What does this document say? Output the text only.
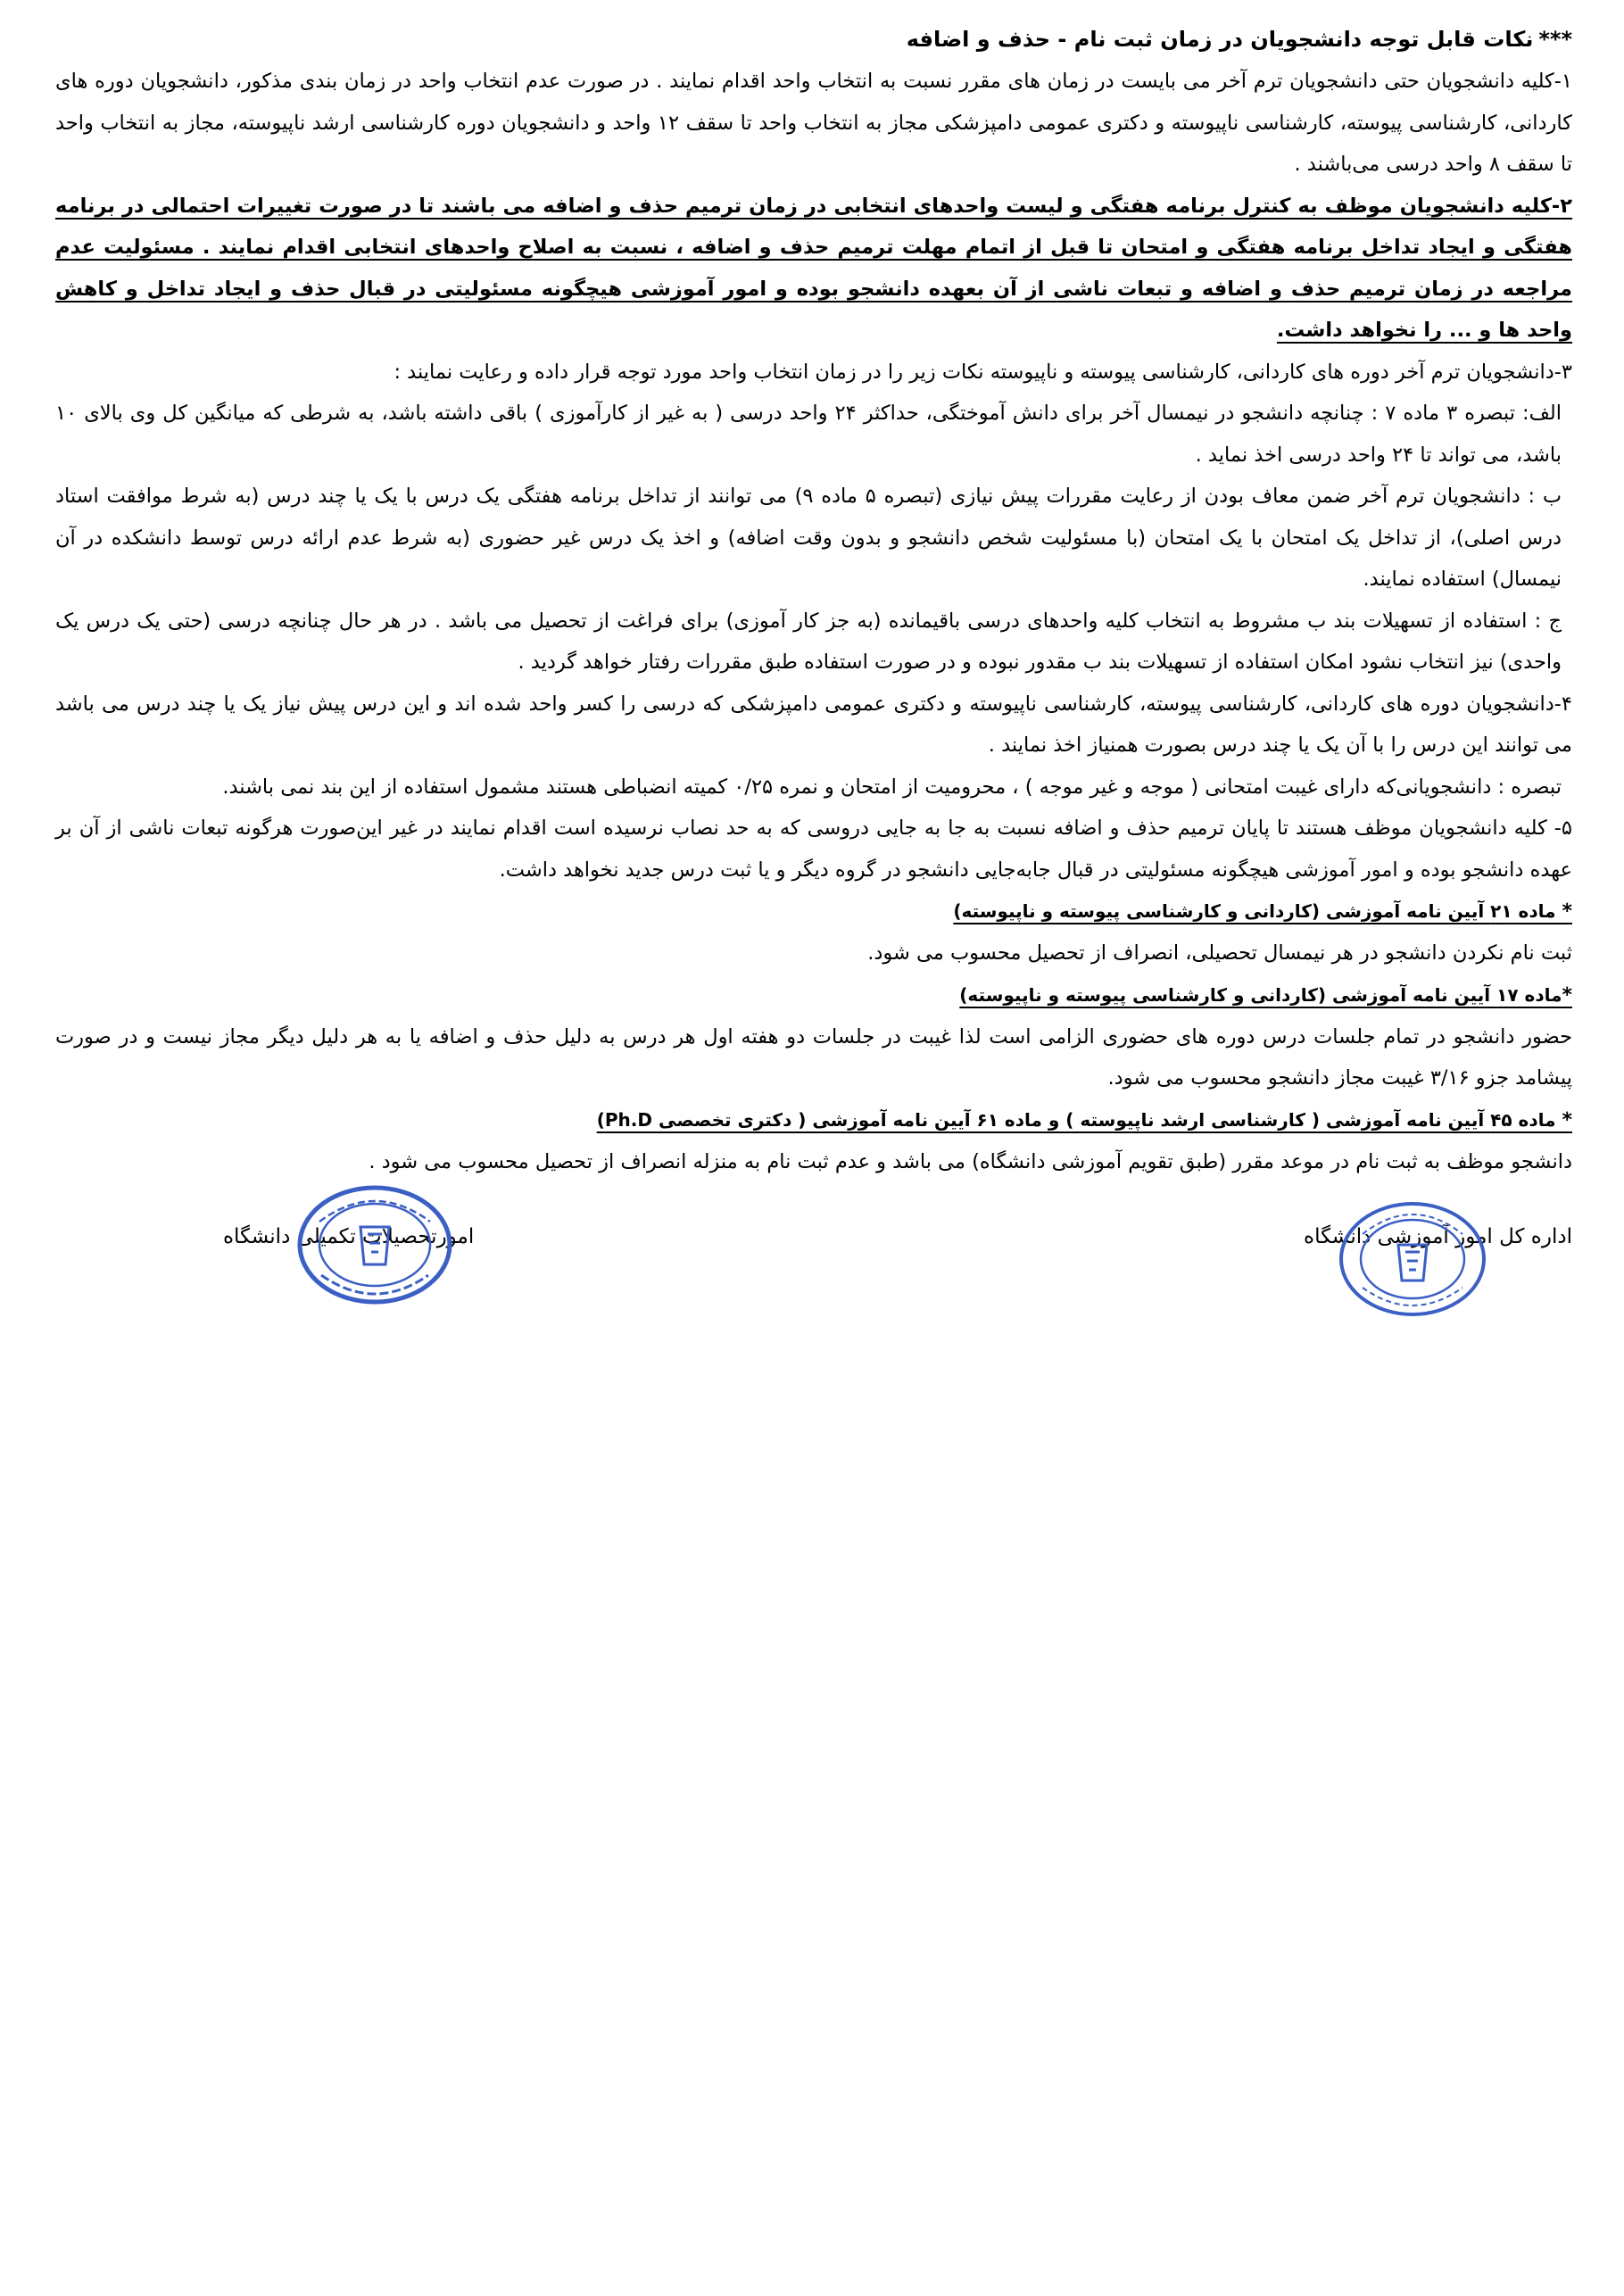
***نکات قابل توجه دانشجویان در زمان ثبت نام - حذف و اضافه

۱-کلیه دانشجویان حتی دانشجویان ترم آخر می بایست در زمان های مقرر نسبت به انتخاب واحد اقدام نمایند . در صورت عدم انتخاب واحد در زمان بندی مذکور، دانشجویان دوره های کاردانی، کارشناسی پیوسته، کارشناسی ناپیوسته و دکتری عمومی دامپزشکی مجاز به انتخاب واحد تا سقف ۱۲ واحد و دانشجویان دوره کارشناسی ارشد ناپیوسته، مجاز به انتخاب واحد تا سقف ۸ واحد درسی می‌باشند .

۲-کلیه دانشجویان موظف به کنترل برنامه هفتگی و لیست واحدهای انتخابی در زمان ترمیم حذف و اضافه می باشند تا در صورت تغییرات احتمالی در برنامه هفتگی و ایجاد تداخل برنامه هفتگی و امتحان تا قبل از اتمام مهلت ترمیم حذف و اضافه ، نسبت به اصلاح واحدهای انتخابی اقدام نمایند . مسئولیت عدم مراجعه در زمان ترمیم حذف و اضافه و تبعات ناشی از آن بعهده دانشجو بوده و امور آموزشی هیچگونه مسئولیتی در قبال حذف و ایجاد تداخل و کاهش واحد ها و ... را نخواهد داشت.

۳-دانشجویان ترم آخر دوره های کاردانی، کارشناسی پیوسته و ناپیوسته نکات زیر را در زمان انتخاب واحد مورد توجه قرار داده و رعایت نمایند :

الف: تبصره ۳ ماده ۷ : چنانچه دانشجو در نیمسال آخر برای دانش آموختگی، حداکثر ۲۴ واحد درسی ( به غیر از کارآموزی ) باقی داشته باشد، به شرطی که میانگین کل وی بالای ۱۰ باشد، می تواند تا ۲۴ واحد درسی اخذ نماید .

ب : دانشجویان ترم آخر ضمن معاف بودن از رعایت مقررات پیش نیازی (تبصره ۵ ماده ۹) می توانند از تداخل برنامه هفتگی یک درس با یک یا چند درس (به شرط موافقت استاد درس اصلی)، از تداخل یک امتحان با یک امتحان (با مسئولیت شخص دانشجو و بدون وقت اضافه) و اخذ یک درس غیر حضوری (به شرط عدم ارائه درس توسط دانشکده در آن نیمسال) استفاده نمایند.

ج : استفاده از تسهیلات بند ب مشروط به انتخاب کلیه واحدهای درسی باقیمانده (به جز کار آموزی) برای فراغت از تحصیل می باشد . در هر حال چنانچه درسی (حتی یک درس یک واحدی) نیز انتخاب نشود امکان استفاده از تسهیلات بند ب مقدور نبوده و در صورت استفاده طبق مقررات رفتار خواهد گردید .

۴-دانشجویان دوره های کاردانی، کارشناسی پیوسته، کارشناسی ناپیوسته و دکتری عمومی دامپزشکی که درسی را کسر واحد شده اند و این درس پیش نیاز یک یا چند درس می باشد می توانند این درس را با آن یک یا چند درس بصورت همنیاز اخذ نمایند .

تبصره : دانشجویانی‌که دارای غیبت امتحانی ( موجه و غیر موجه ) ، محرومیت از امتحان و نمره ۰/۲۵ کمیته انضباطی هستند مشمول استفاده از این بند نمی باشند.

۵- کلیه دانشجویان موظف هستند تا پایان ترمیم حذف و اضافه نسبت به جا به جایی دروسی که به حد نصاب نرسیده است اقدام نمایند در غیر این‌صورت هرگونه تبعات ناشی از آن بر عهده دانشجو بوده و امور آموزشی هیچگونه مسئولیتی در قبال جابه‌جایی دانشجو در گروه دیگر و یا ثبت درس جدید نخواهد داشت.

* ماده ۲۱ آیین نامه آموزشی (کاردانی و کارشناسی پیوسته و ناپیوسته)

ثبت نام نکردن دانشجو در هر نیمسال تحصیلی، انصراف از تحصیل محسوب می شود.

*ماده ۱۷ آیین نامه آموزشی (کاردانی و کارشناسی پیوسته و ناپیوسته)

حضور دانشجو در تمام جلسات درس دوره های حضوری الزامی است لذا غیبت در جلسات دو هفته اول هر درس به دلیل حذف و اضافه یا به هر دلیل دیگر مجاز نیست و در صورت پیشامد جزو ۳/۱۶ غیبت مجاز دانشجو محسوب می شود.

* ماده ۴۵ آیین نامه آموزشی ( کارشناسی ارشد ناپیوسته ) و ماده ۶۱ آیین نامه آموزشی ( دکتری تخصصی Ph.D)

دانشجو موظف به ثبت نام در موعد مقرر (طبق تقویم آموزشی دانشگاه) می باشد و عدم ثبت نام به منزله انصراف از تحصیل محسوب می شود .

اداره کل امور آموزشی دانشگاه
امورتحصیلات تکمیلی دانشگاه
